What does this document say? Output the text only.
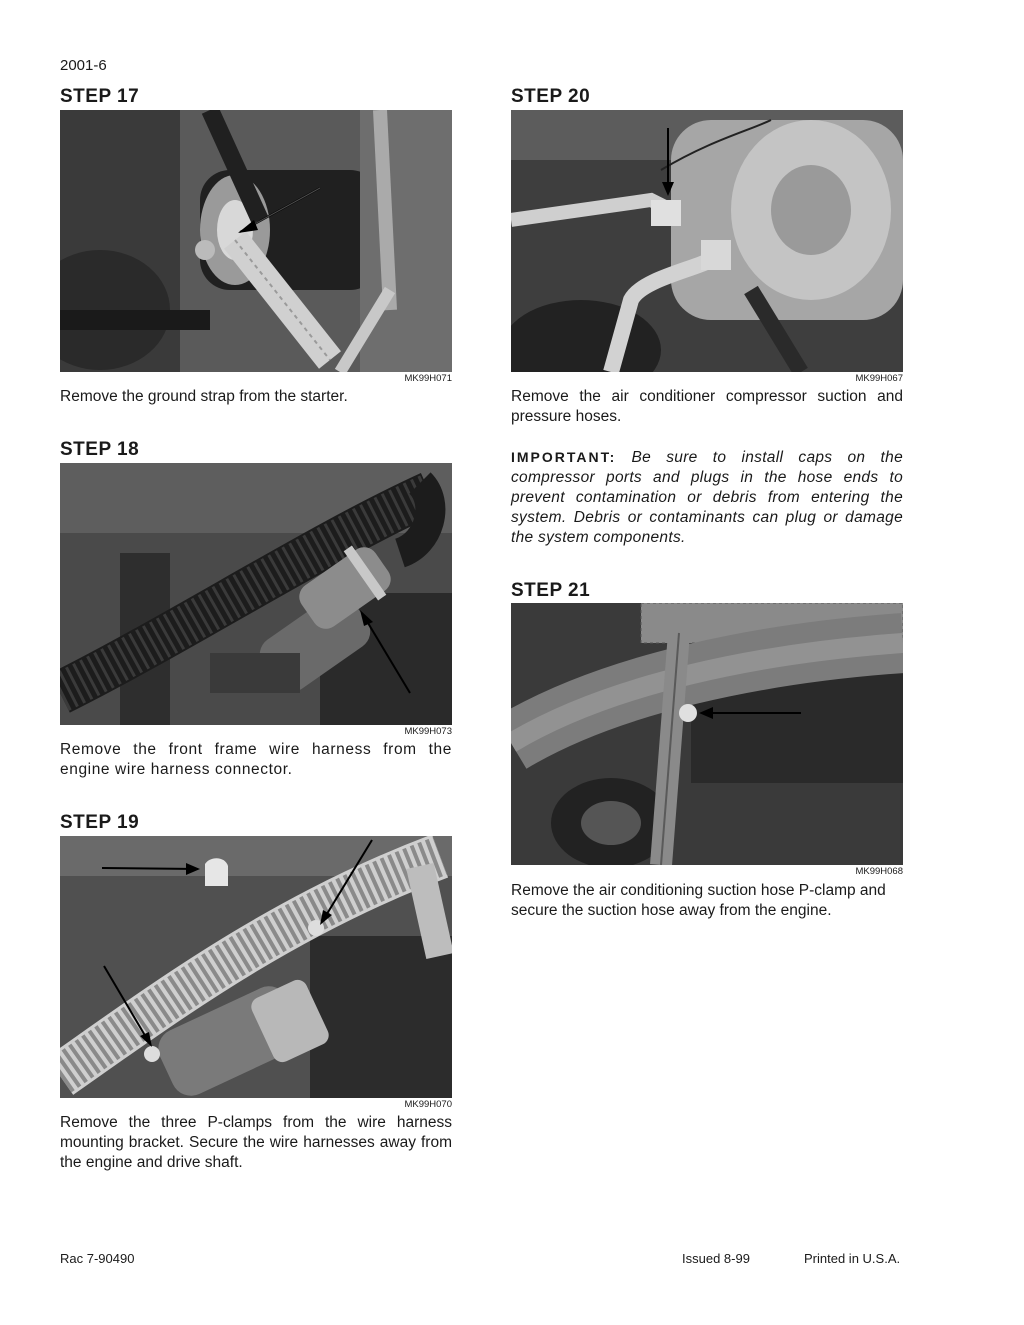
2001-6
STEP 17
MK99H071
Remove the ground strap from the starter.
STEP 18
MK99H073
Remove the front frame wire harness from the engine wire harness connector.
STEP 19
MK99H070
Remove the three P-clamps from the wire harness mounting bracket. Secure the wire harnesses away from the engine and drive shaft.
STEP 20
MK99H067
Remove the air conditioner compressor suction and pressure hoses.
IMPORTANT: Be sure to install caps on the compressor ports and plugs in the hose ends to prevent contamination or debris from entering the system. Debris or contaminants can plug or damage the system components.
STEP 21
MK99H068
Remove the air conditioning suction hose P-clamp and secure the suction hose away from the engine.
Rac 7-90490	Issued 8-99	Printed in U.S.A.
